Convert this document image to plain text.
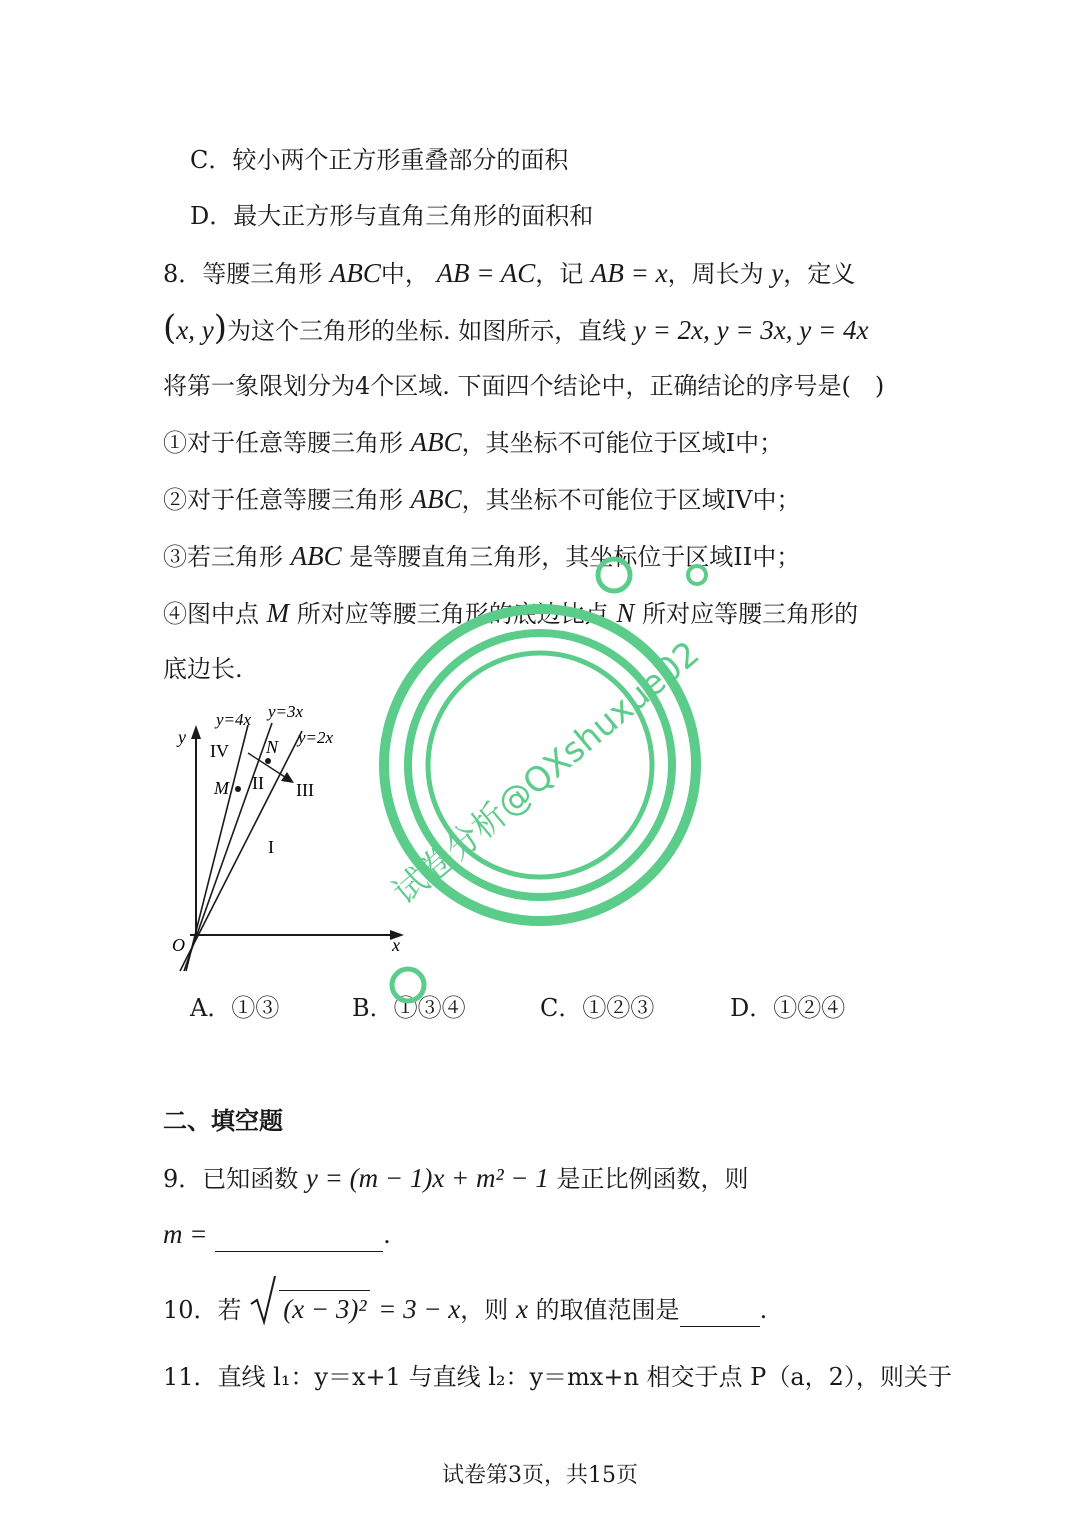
C．较小两个正方形重叠部分的面积
D．最大正方形与直角三角形的面积和
8．等腰三角形 ABC中， AB = AC，记 AB = x，周长为 y，定义
(x, y)为这个三角形的坐标. 如图所示，直线 y = 2x, y = 3x, y = 4x
将第一象限划分为4个区域. 下面四个结论中，正确结论的序号是(　)
①对于任意等腰三角形 ABC，其坐标不可能位于区域I中；
②对于任意等腰三角形 ABC，其坐标不可能位于区域IV中；
③若三角形 ABC 是等腰直角三角形，其坐标位于区域II中；
④图中点 M 所对应等腰三角形的底边比点 N 所对应等腰三角形的
底边长.
y=4x y=3x
y=2x
y
x
O
I
II III
IV
M
N
A．①③	B．①③④	C．①②③	D．①②④
二、填空题
9．已知函数 y = (m − 1)x + m² − 1 是正比例函数，则
m =	.
10．若 (x − 3)² = 3 − x，则 x 的取值范围是	.
11．直线 l₁：y＝x+1 与直线 l₂：y＝mx+n 相交于点 P（a，2），则关于
试卷分析@QXshuxue02
试卷第3页，共15页
